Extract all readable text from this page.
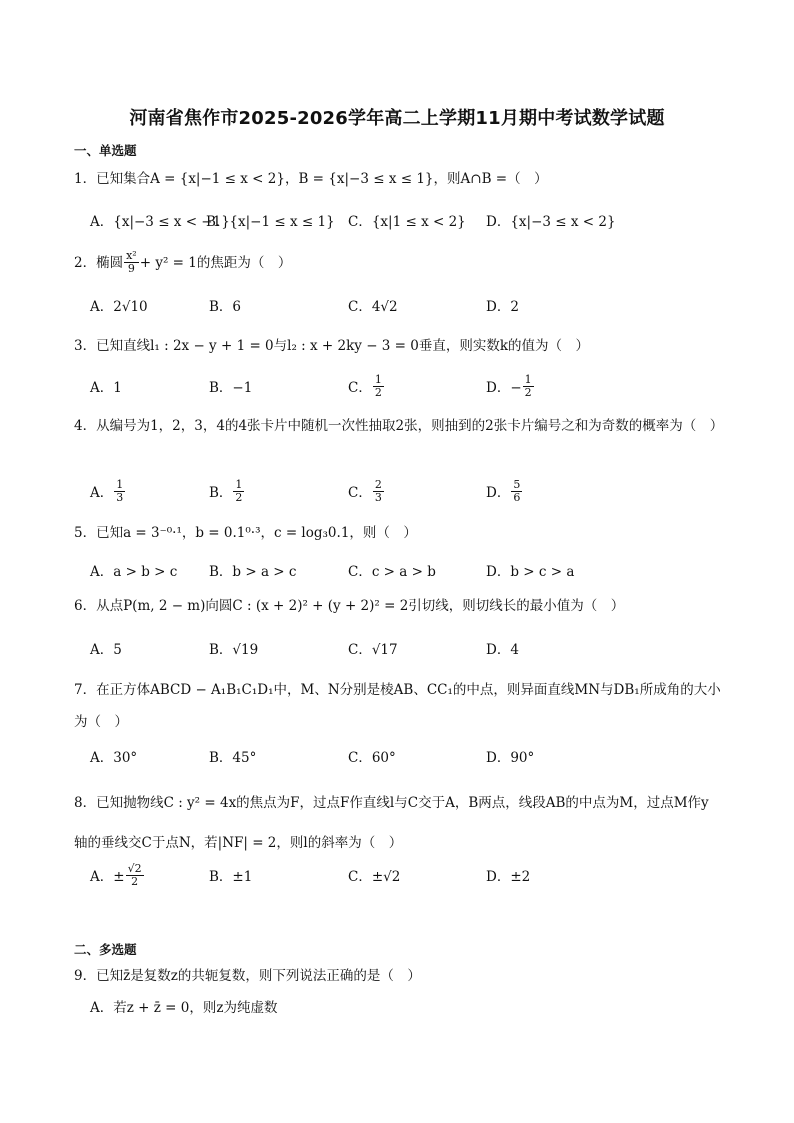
河南省焦作市2025-2026学年高二上学期11月期中考试数学试题
一、单选题
1．已知集合A = {x|−1 ≤ x < 2}，B = {x|−3 ≤ x ≤ 1}，则A∩B =（　）
A．{x|−3 ≤ x < −1}
B．{x|−1 ≤ x ≤ 1} C．{x|1 ≤ x < 2} D．{x|−3 ≤ x < 2}
2．椭圆 $\frac{\text{x²}}{9} + y^2 = 1$的焦距为（　）
A．2√10	B．6	C．4√2	D．2
3．已知直线l₁ : 2x − y + 1 = 0与l₂ : x + 2ky − 3 = 0垂直，则实数k的值为（　）
A．1	B．−1	C． $\frac{1}{2}$	D．− $\frac{1}{2}$
4．从编号为1，2，3，4的4张卡片中随机一次性抽取2张，则抽到的2张卡片编号之和为奇数的概率为（　）
A． $\frac{1}{3}$	B． $\frac{1}{2}$	C． $\frac{2}{3}$	D． $\frac{5}{6}$
5．已知a = 3⁻⁰·¹，b = 0.1⁰·³，c = log₃0.1，则（　）
A．a > b > c B．b > a > c	C．c > a > b	D．b > c > a
6．从点P(m, 2 − m)向圆C : (x + 2)² + (y + 2)² = 2引切线，则切线长的最小值为（　）
A．5	B．√19	C．√17	D．4
7．在正方体ABCD − A₁B₁C₁D₁中，M、N分别是棱AB、CC₁的中点，则异面直线MN与DB₁所成角的大小为（　）
A．30°	B．45°	C．60°	D．90°
8．已知抛物线C : y² = 4x的焦点为F，过点F作直线l与C交于A，B两点，线段AB的中点为M，过点M作y轴的垂线交C于点N，若|NF| = 2，则l的斜率为（　）
A．± $\frac{√2}{2}$	B．±1	C．±√2	D．±2
二、多选题
9．已知z̄是复数z的共轭复数，则下列说法正确的是（　）
A．若z + z̄ = 0，则z为纯虚数
